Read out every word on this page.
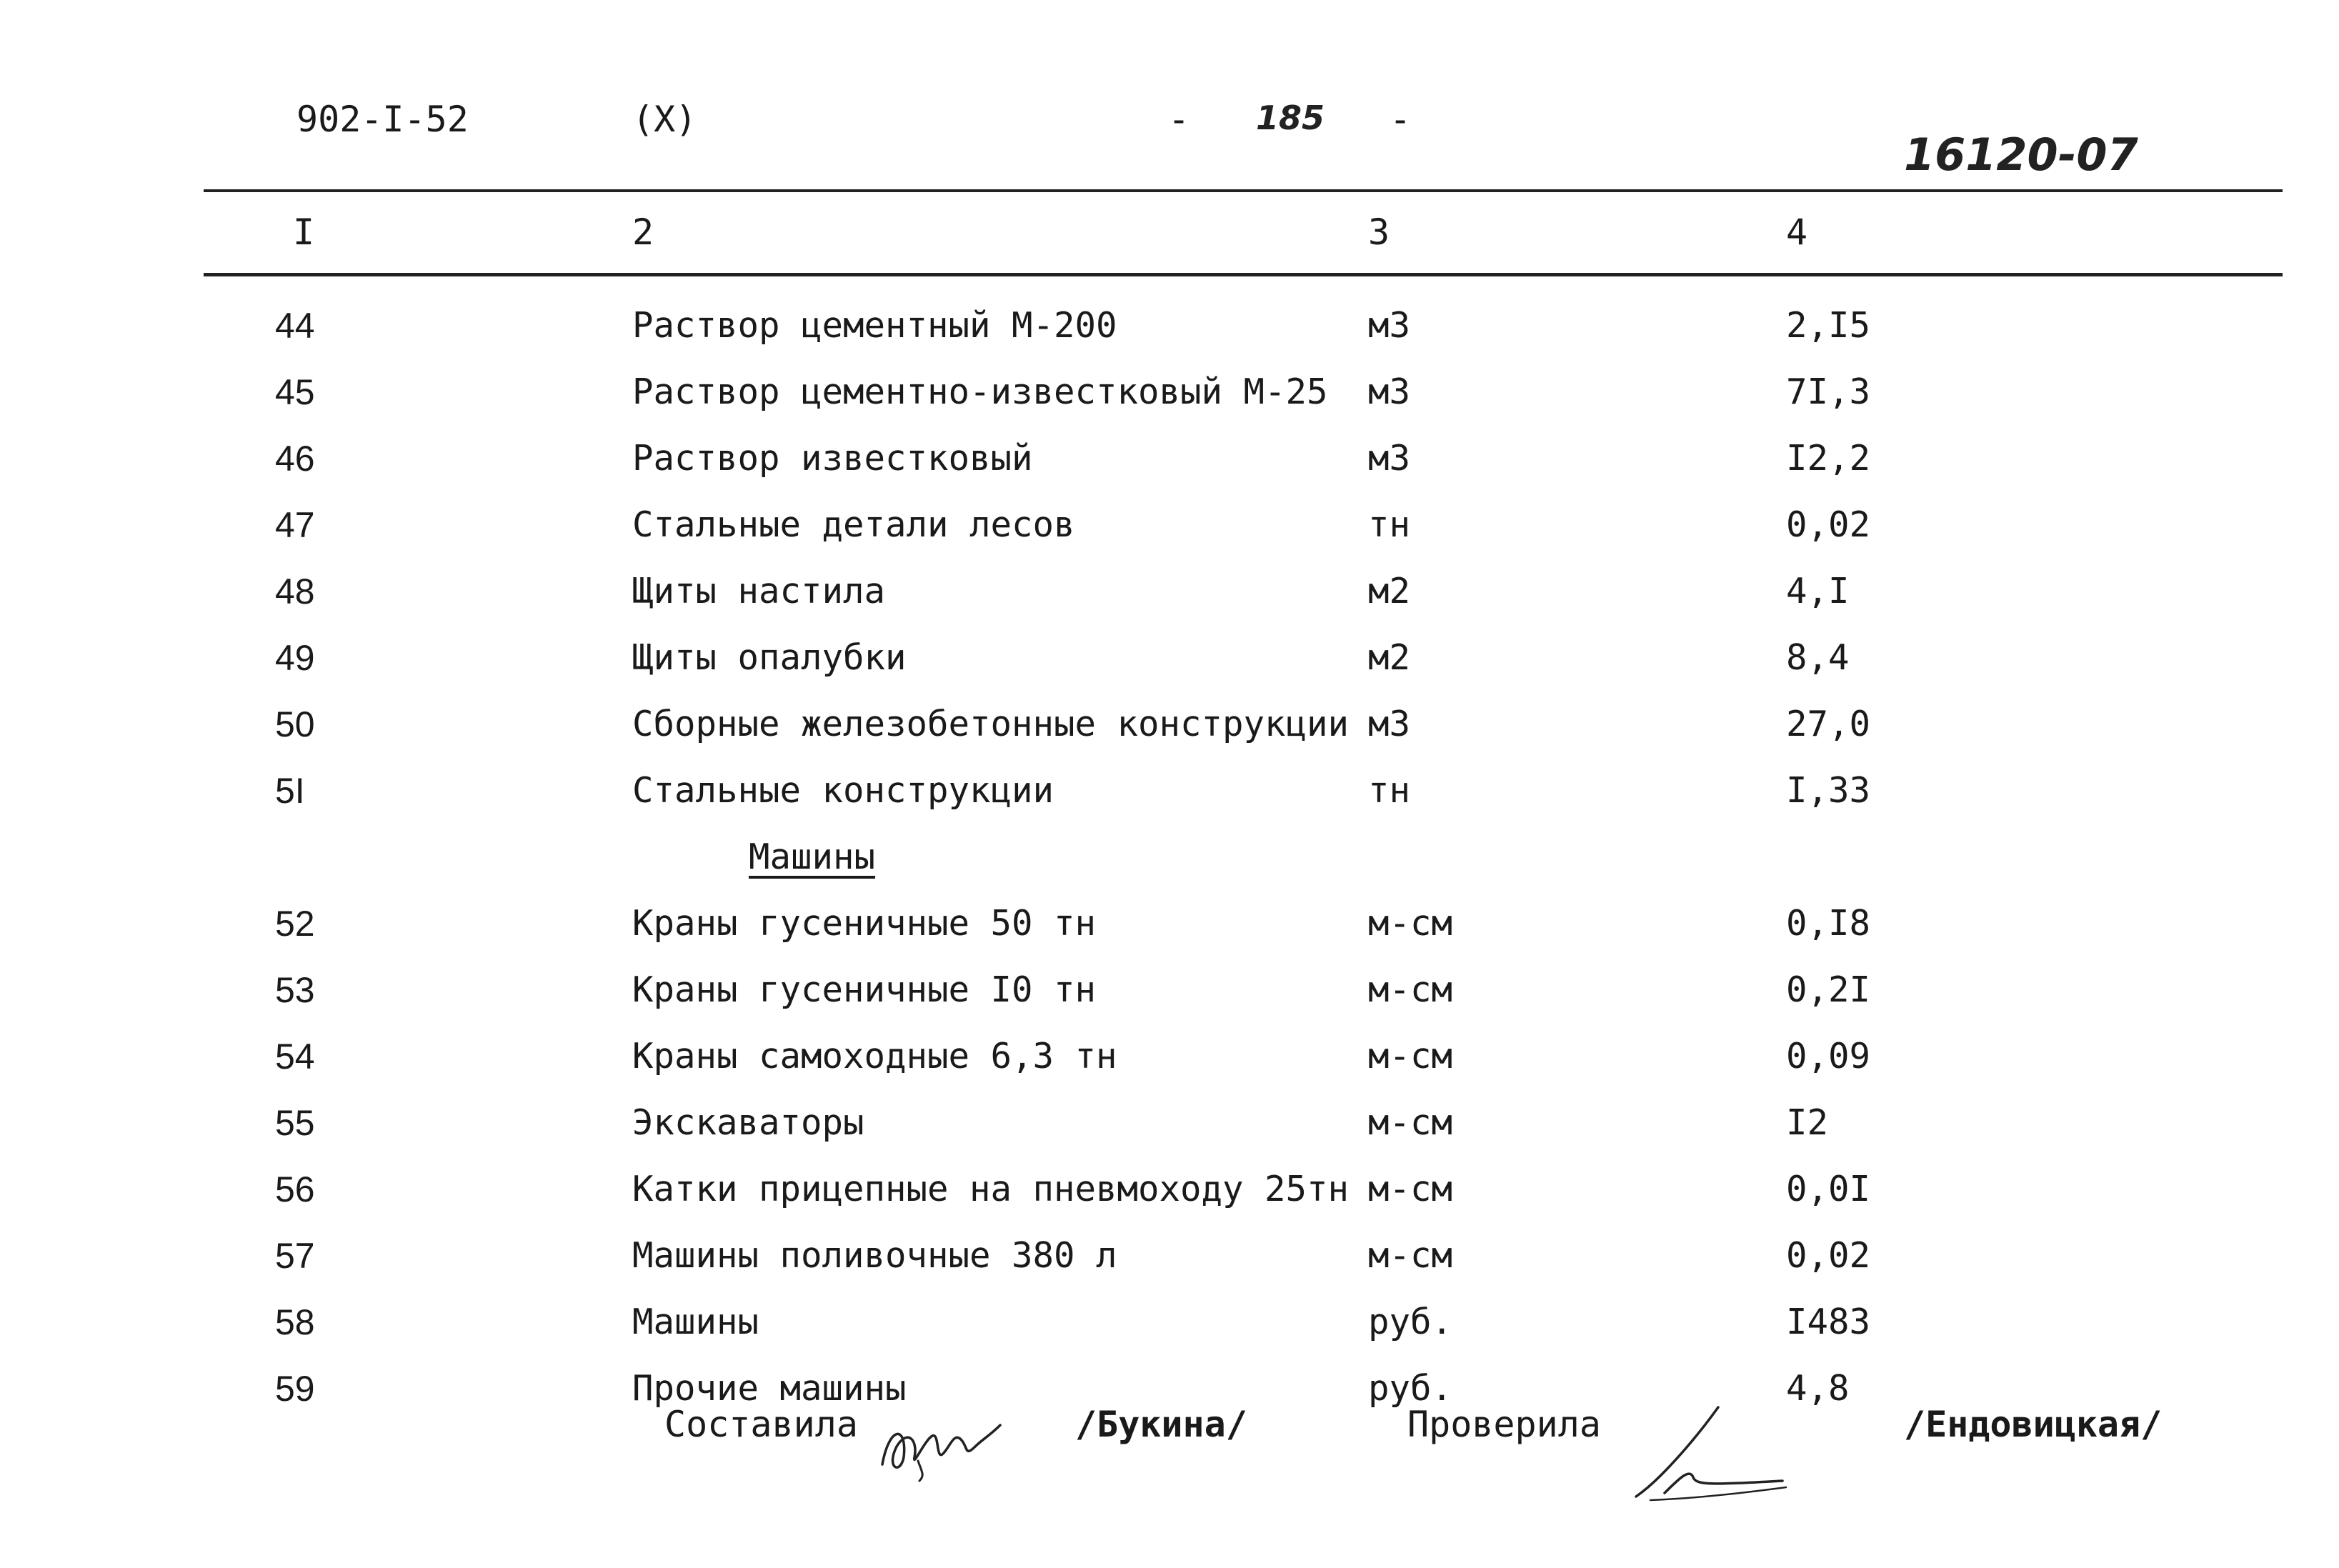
902-I-52	(X)	- 185 -
16120-07
I	2	3	4
44	Раствор цементный М-200	м3	2,I5
45	Раствор цементно-известковый М-25 м3	7I,3
46	Раствор известковый	м3	I2,2
47	Стальные детали лесов	тн	0,02
48	Щиты настила	м2	4,I
49	Щиты опалубки	м2	8,4
50	Сборные железобетонные конструкции м3	27,0
5I	Стальные конструкции	тн	I,33
Машины
52	Краны гусеничные 50 тн	м-см	0,I8
53	Краны гусеничные I0 тн	м-см	0,2I
54	Краны самоходные 6,3 тн	м-см	0,09
55	Экскаваторы	м-см	I2
56	Катки прицепные на пневмоходу 25тн м-см	0,0I
57	Машины поливочные 380 л	м-см	0,02
58	Машины	руб.	I483
59	Прочие машины	руб.	4,8
Составила	/Букина/	Проверила	/Ендовицкая/
